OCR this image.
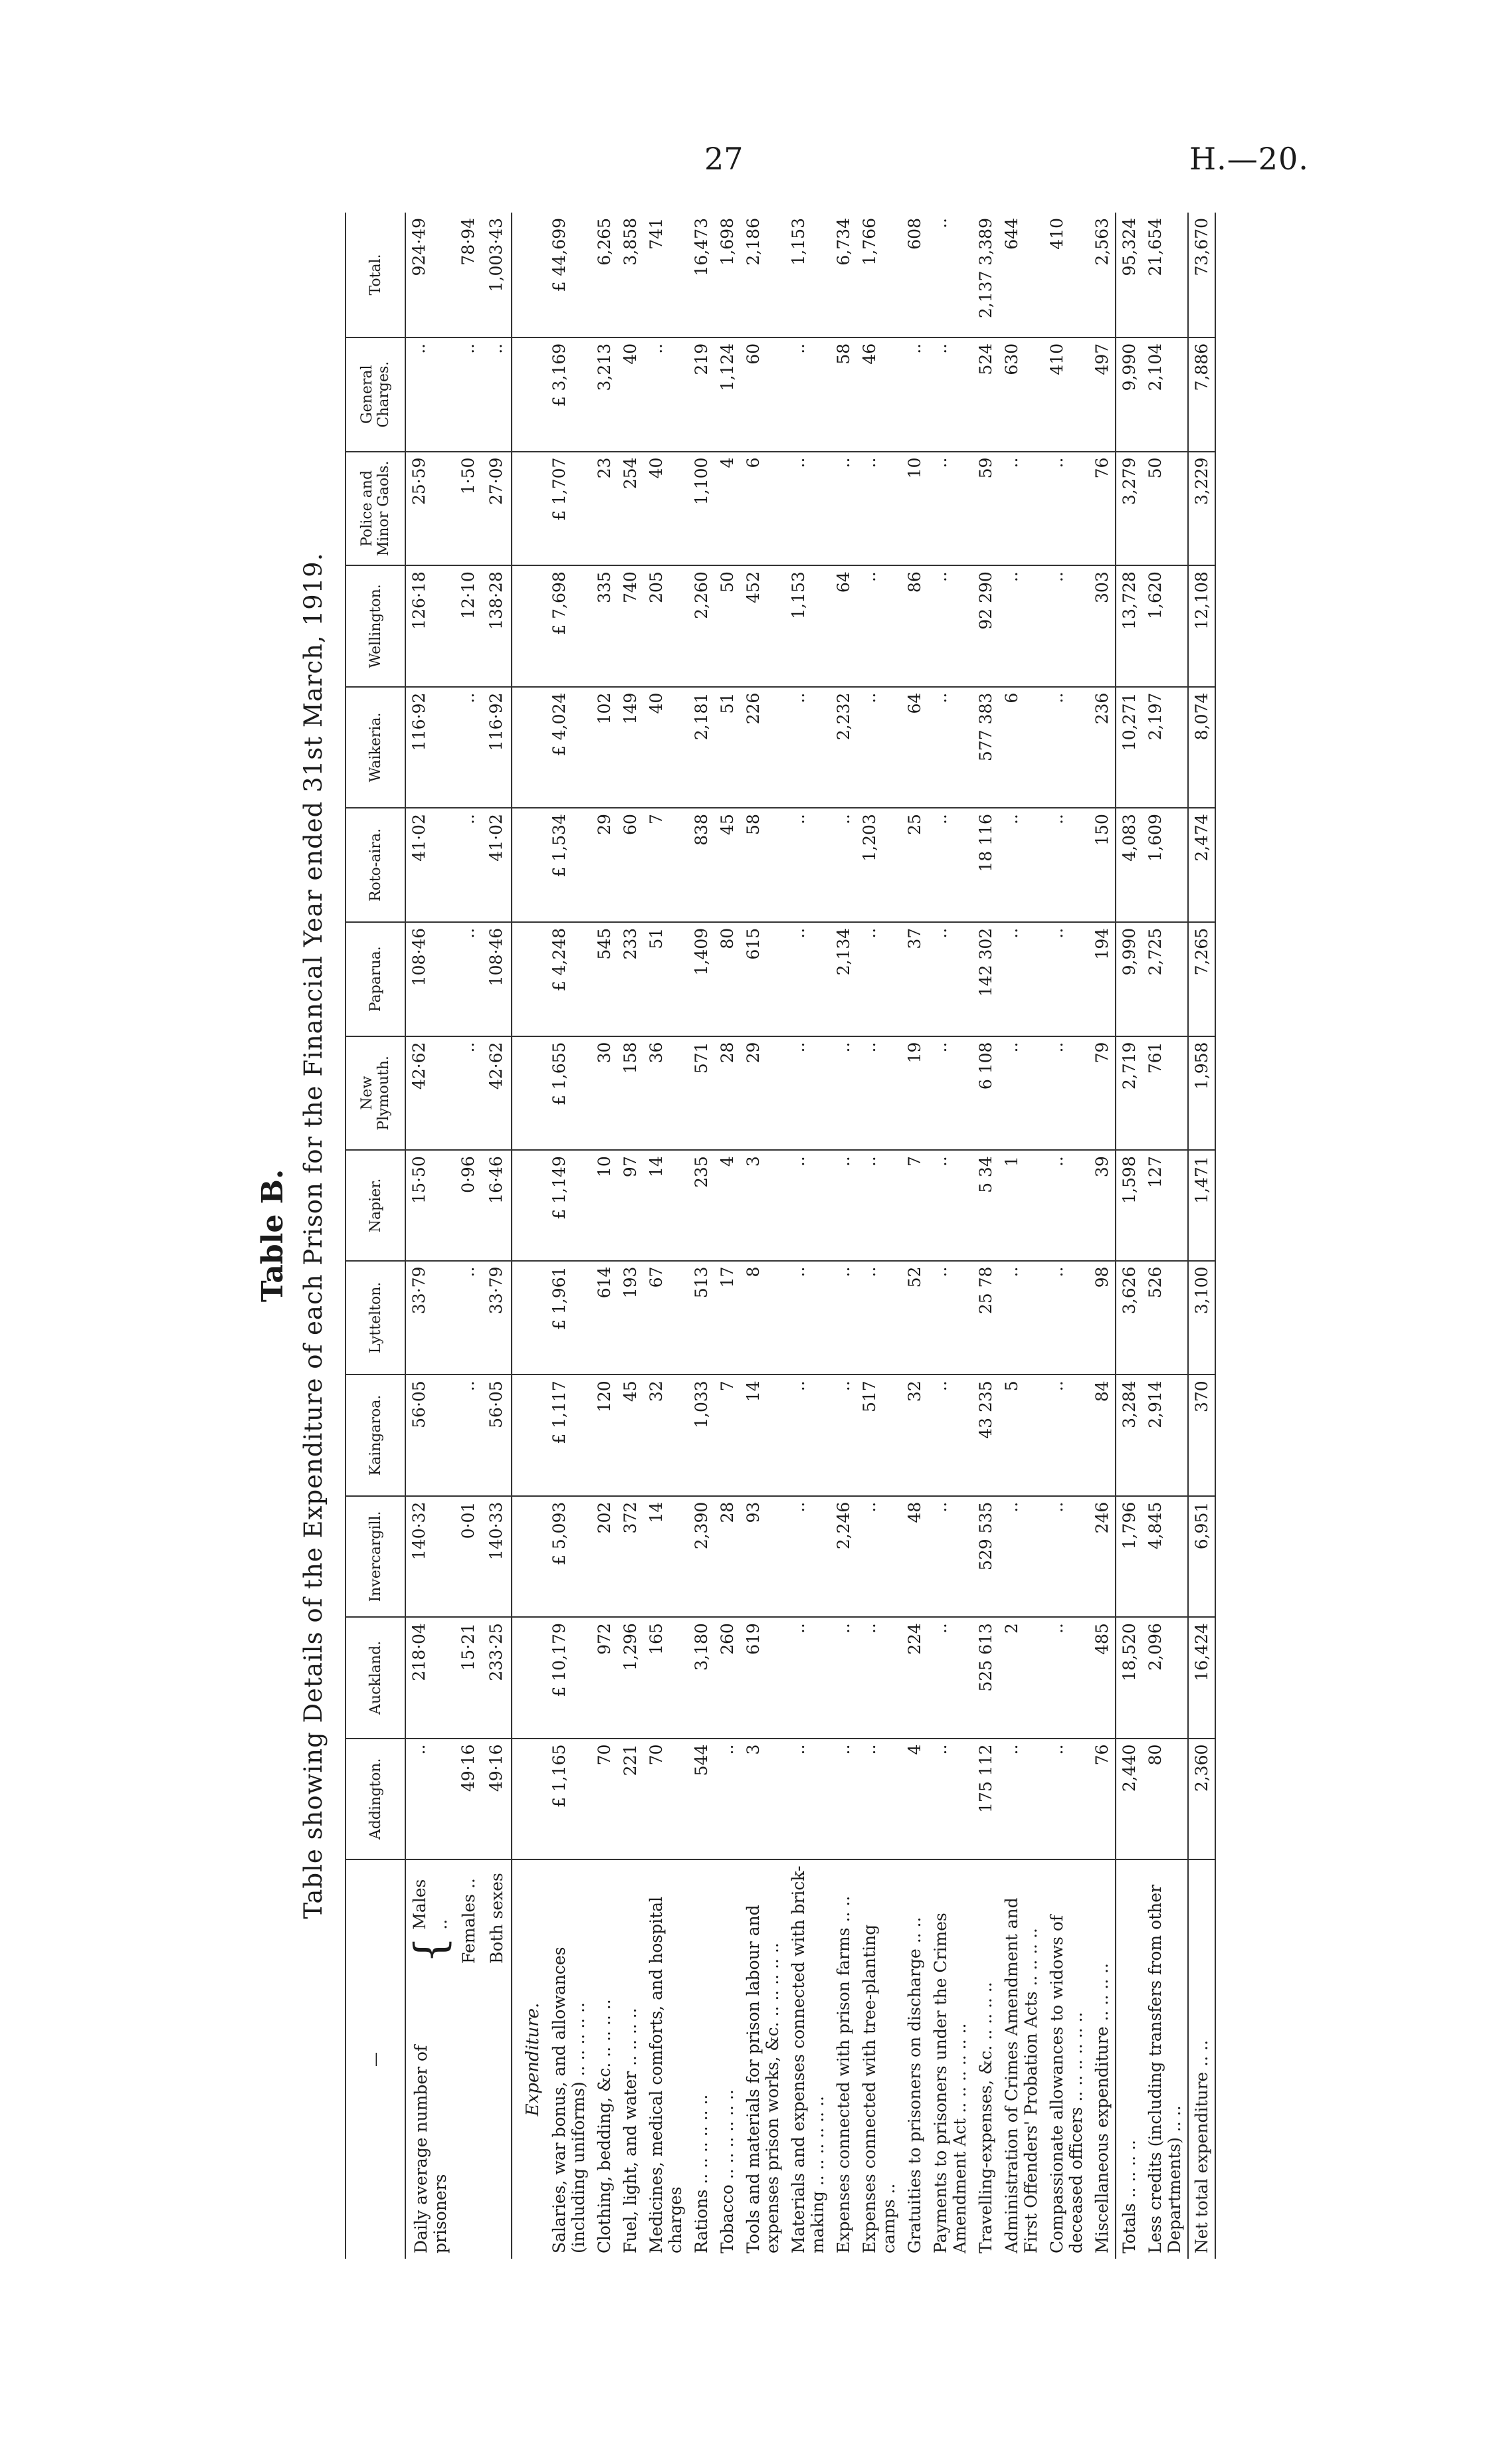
27	H.—20.
Table B. Table showing Details of the Expenditure of each Prison for the Financial Year ended 31st March, 1919.
—	Addington.	Auckland.	Invercargill.	Kaingaroa.	Lyttelton.	Napier.	New Plymouth.	Paparua.	Roto-aira.	Waikeria.	Wellington.	Police and Minor Gaols.	General Charges.	Total.

Daily average number of prisoners
{
Males ..	..	218·04	140·32	56·05	33·79	15·50	42·62	108·46	41·02	116·92	126·18	25·59	..	924·49

Females ..	49·16	15·21	0·01	..	..	0·96	..	..	..	..	12·10	1·50	..	78·94

Both sexes	49·16	233·25	140·33	56·05	33·79	16·46	42·62	108·46	41·02	116·92	138·28	27·09	..	1,003·43
Expenditure.														
Salaries, war bonus, and allowances (including uniforms) .. .. .. .. ..	£ 1,165	£ 10,179	£ 5,093	£ 1,117	£ 1,961	£ 1,149	£ 1,655	£ 4,248	£ 1,534	£ 4,024	£ 7,698	£ 1,707	£ 3,169	£ 44,699
Clothing, bedding, &c. .. .. .. ..	70	972	202	120	614	10	30	545	29	102	335	23	3,213	6,265
Fuel, light, and water .. .. .. ..	221	1,296	372	45	193	97	158	233	60	149	740	254	40	3,858
Medicines, medical comforts, and hospital charges	70	165	14	32	67	14	36	51	7	40	205	40	..	741
Rations .. .. .. .. .. ..	544	3,180	2,390	1,033	513	235	571	1,409	838	2,181	2,260	1,100	219	16,473
Tobacco .. .. .. .. .. ..	..	260	28	7	17	4	28	80	45	51	50	4	1,124	1,698
Tools and materials for prison labour and expenses prison works, &c. .. .. .. .. ..	3	619	93	14	8	3	29	615	58	226	452	6	60	2,186
Materials and expenses connected with brick-making .. .. .. .. .. ..	..	..	..	..	..	..	..	..	..	..	1,153	..	..	1,153
Expenses connected with prison farms .. ..	..	..	2,246	..	..	..	..	2,134	..	2,232	64	..	58	6,734
Expenses connected with tree-planting camps ..	..	..	..	517	..	..	..	..	1,203	..	..	..	46	1,766
Gratuities to prisoners on discharge .. ..	4	224	48	32	52	7	19	37	25	64	86	10	..	608
Payments to prisoners under the Crimes Amendment Act .. .. .. .. .. ..	..	..	..	..	..	..	..	..	..	..	..	..	..	..
Travelling-expenses, &c. .. .. .. ..	175 112	525 613	529 535	43 235	25 78	5 34	6 108	142 302	18 116	577 383	92 290	59	524	2,137 3,389
Administration of Crimes Amendment and First Offenders' Probation Acts .. .. .. ..	..	2	..	5	..	1	..	..	..	6	..	..	630	644
Compassionate allowances to widows of deceased officers .. .. .. .. .. ..	..	..	..	..	..	..	..	..	..	..	..	..	410	410
Miscellaneous expenditure .. .. .. ..	76	485	246	84	98	39	79	194	150	236	303	76	497	2,563
Totals .. .. .. ..	2,440	18,520	1,796	3,284	3,626	1,598	2,719	9,990	4,083	10,271	13,728	3,279	9,990	95,324
Less credits (including transfers from other Departments) .. ..	80	2,096	4,845	2,914	526	127	761	2,725	1,609	2,197	1,620	50	2,104	21,654
Net total expenditure .. ..	2,360	16,424	6,951	370	3,100	1,471	1,958	7,265	2,474	8,074	12,108	3,229	7,886	73,670
